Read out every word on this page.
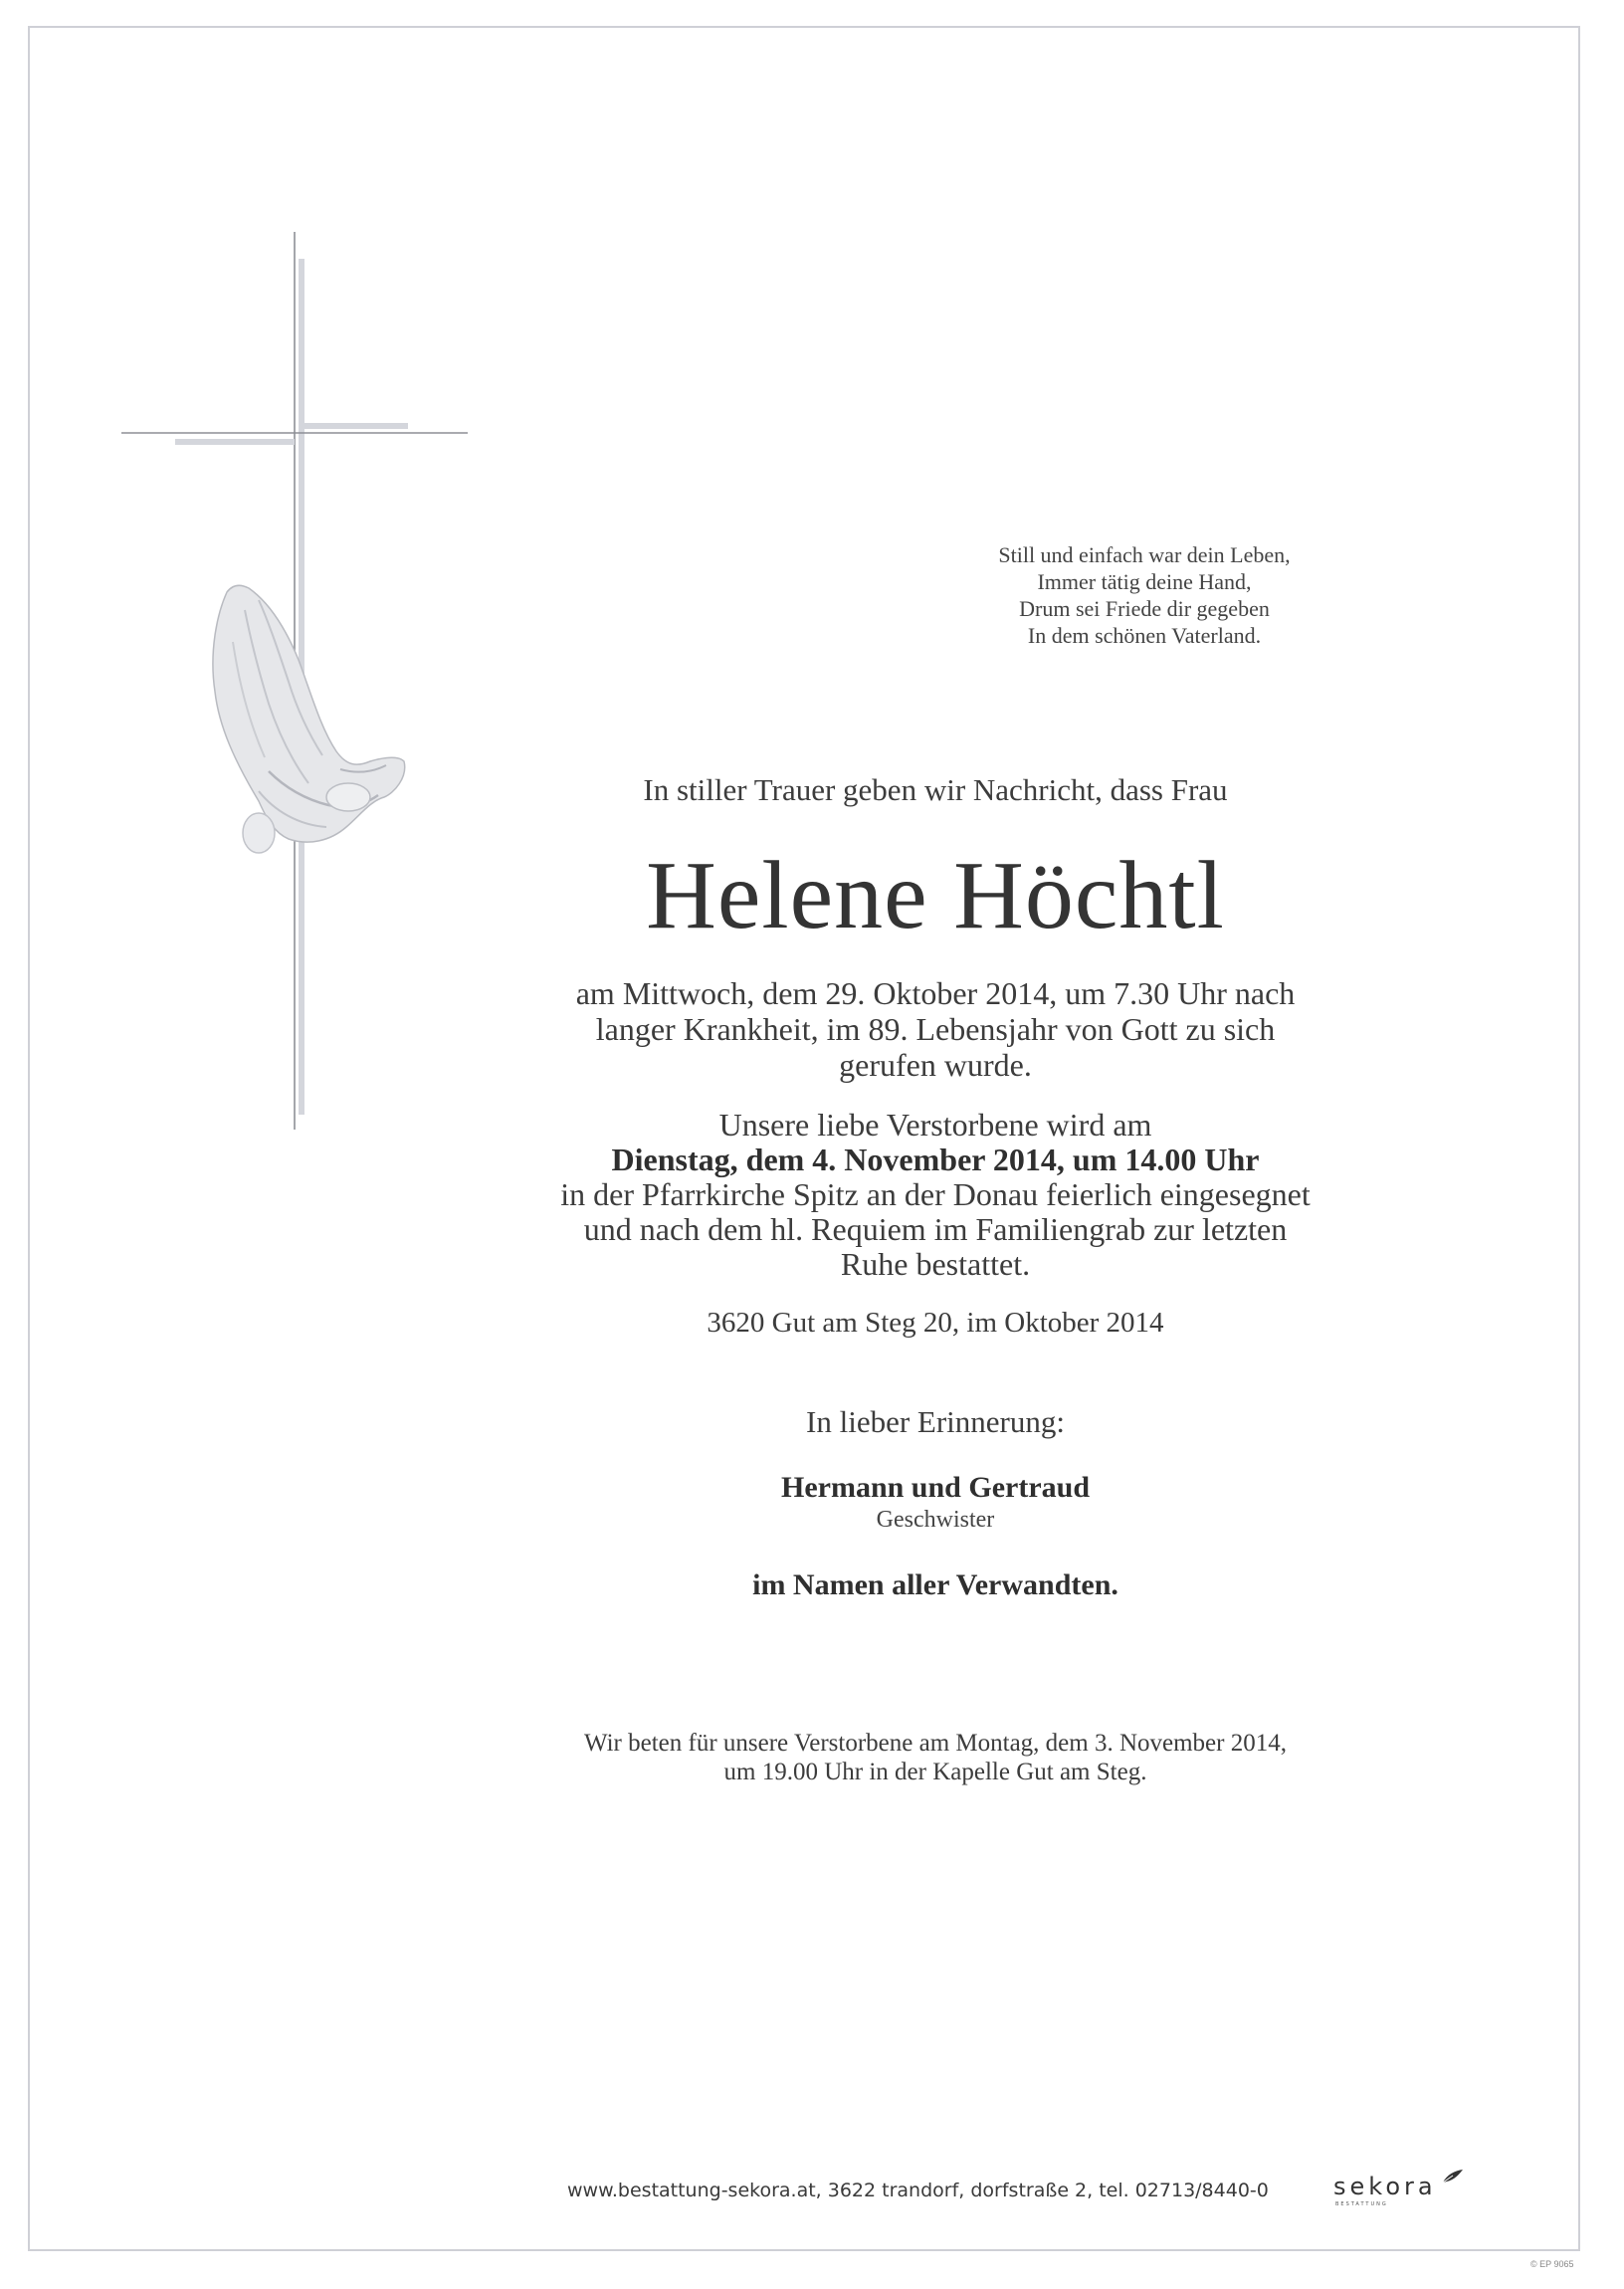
Still und einfach war dein Leben,
Immer tätig deine Hand,
Drum sei Friede dir gegeben
In dem schönen Vaterland.
In stiller Trauer geben wir Nachricht, dass Frau
Helene Höchtl
am Mittwoch, dem 29. Oktober 2014, um 7.30 Uhr nach
langer Krankheit, im 89. Lebensjahr von Gott zu sich
gerufen wurde.
Unsere liebe Verstorbene wird am
Dienstag, dem 4. November 2014, um 14.00 Uhr
in der Pfarrkirche Spitz an der Donau feierlich eingesegnet
und nach dem hl. Requiem im Familiengrab zur letzten
Ruhe bestattet.
3620 Gut am Steg 20, im Oktober 2014
In lieber Erinnerung:
Hermann und Gertraud
Geschwister
im Namen aller Verwandten.
Wir beten für unsere Verstorbene am Montag, dem 3. November 2014,
um 19.00 Uhr in der Kapelle Gut am Steg.
www.bestattung-sekora.at, 3622 trandorf, dorfstraße 2, tel. 02713/8440-0	sekora
BESTATTUNG
© EP 9065
